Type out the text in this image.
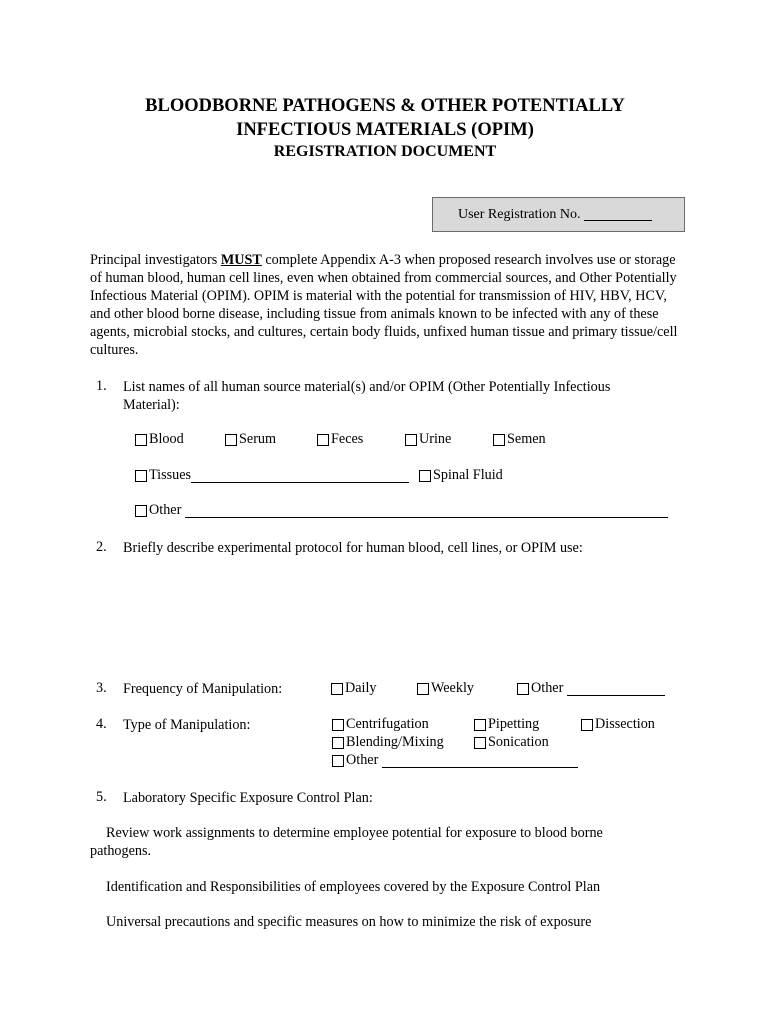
BLOODBORNE PATHOGENS & OTHER POTENTIALLY
INFECTIOUS MATERIALS (OPIM)
REGISTRATION DOCUMENT
User Registration No.
Principal investigators MUST complete Appendix A-3 when proposed research involves use or storage of human blood, human cell lines, even when obtained from commercial sources, and Other Potentially Infectious Material (OPIM). OPIM is material with the potential for transmission of HIV, HBV, HCV, and other blood borne disease, including tissue from animals known to be infected with any of these agents, microbial stocks, and cultures, certain body fluids, unfixed human tissue and primary tissue/cell cultures.
1.	List names of all human source material(s) and/or OPIM (Other Potentially Infectious
Material):
Blood	Serum	Feces	Urine	Semen
Tissues	Spinal Fluid
Other
2.	Briefly describe experimental protocol for human blood, cell lines, or OPIM use:
3.	Frequency of Manipulation:	Daily	Weekly	Other
4.	Type of Manipulation:	Centrifugation	Pipetting	Dissection
Blending/Mixing	Sonication
Other
5.	Laboratory Specific Exposure Control Plan:
Review work assignments to determine employee potential for exposure to blood borne pathogens.
Identification and Responsibilities of employees covered by the Exposure Control Plan
Universal precautions and specific measures on how to minimize the risk of exposure
